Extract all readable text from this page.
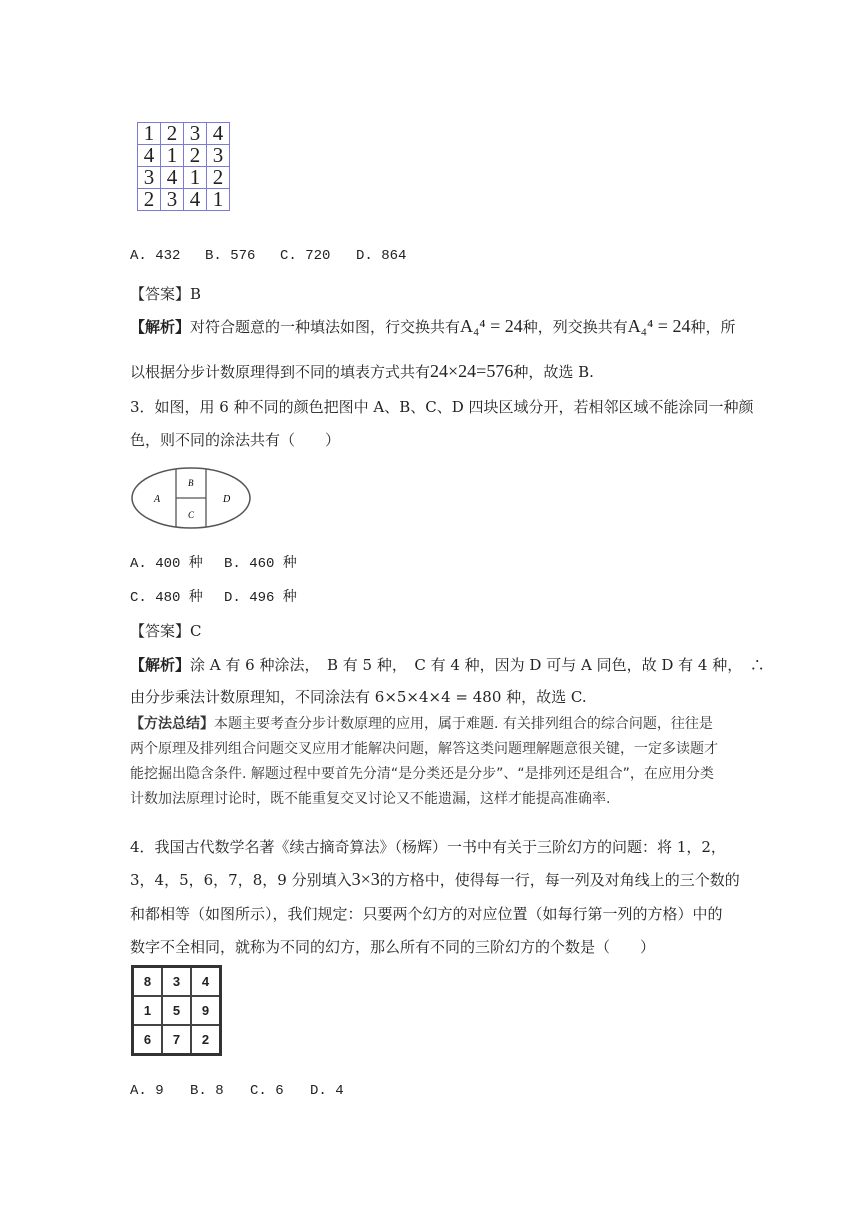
1	2	3	4
4	1	2	3
3	4	1	2
2	3	4	1
A. 432 B. 576 C. 720 D. 864
【答案】B
【解析】对符合题意的一种填法如图，行交换共有A₄⁴ = 24种，列交换共有A₄⁴ = 24种，所
以根据分步计数原理得到不同的填表方式共有24×24=576种，故选 B.
3．如图，用 6 种不同的颜色把图中 A、B、C、D 四块区域分开，若相邻区域不能涂同一种颜
色，则不同的涂法共有（　　）
A
B
C
D
A. 400 种 B. 460 种
C. 480 种 D. 496 种
【答案】C
【解析】涂 A 有 6 种涂法，　B 有 5 种，　C 有 4 种，因为 D 可与 A 同色，故 D 有 4 种，　∴
由分步乘法计数原理知，不同涂法有 6×5×4×4 = 480 种，故选 C.
【方法总结】本题主要考查分步计数原理的应用，属于难题. 有关排列组合的综合问题，往往是两个原理及排列组合问题交叉应用才能解决问题，解答这类问题理解题意很关键，一定多读题才能挖掘出隐含条件. 解题过程中要首先分清“是分类还是分步”、“是排列还是组合”，在应用分类计数加法原理讨论时，既不能重复交叉讨论又不能遗漏，这样才能提高准确率.
4．我国古代数学名著《续古摘奇算法》（杨辉）一书中有关于三阶幻方的问题：将 1，2，
3，4，5，6，7，8，9 分别填入3×3的方格中，使得每一行，每一列及对角线上的三个数的
和都相等（如图所示），我们规定：只要两个幻方的对应位置（如每行第一列的方格）中的
数字不全相同，就称为不同的幻方，那么所有不同的三阶幻方的个数是（　　）
8	3	4
1	5	9
6	7	2
A. 9 B. 8 C. 6 D. 4
